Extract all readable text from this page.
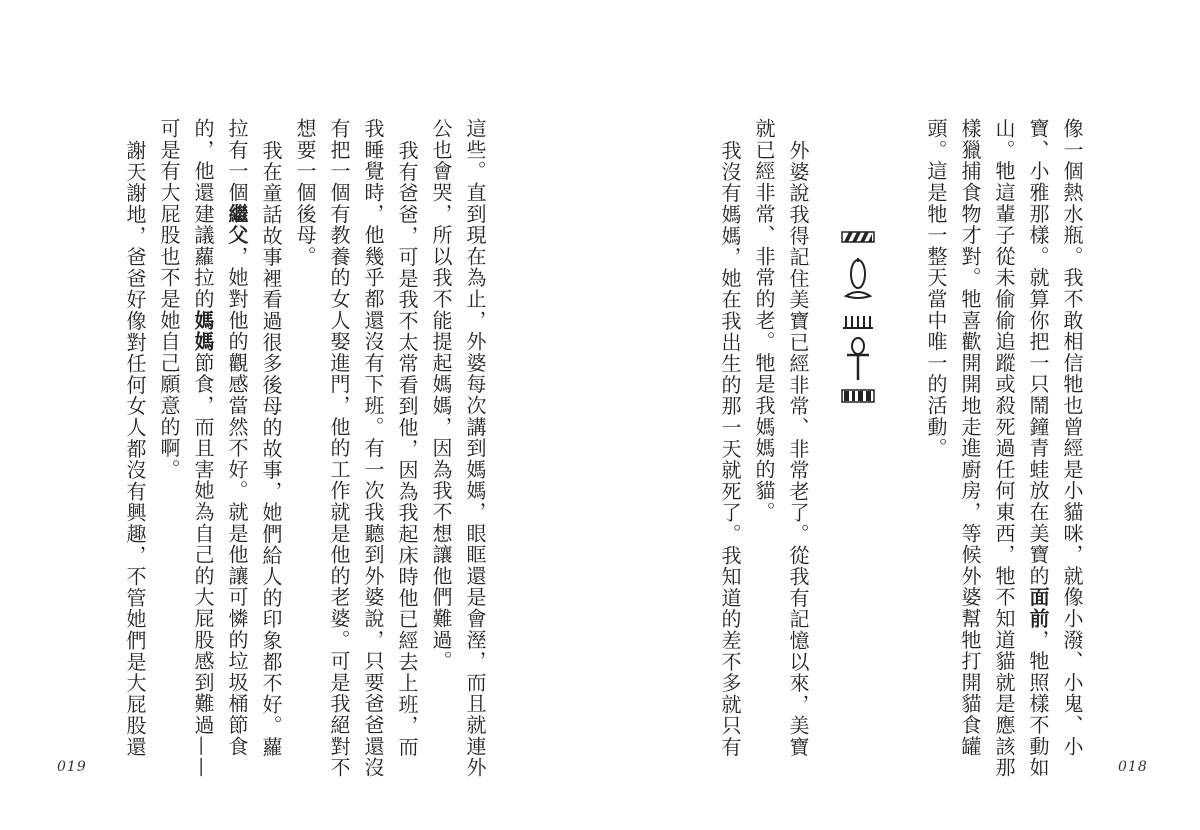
像一個熱水瓶。我不敢相信牠也曾經是小貓咪，就像小潑、小鬼、小
寶、小雅那樣。就算你把一只鬧鐘青蛙放在美寶的面前，牠照樣不動如
山。牠這輩子從未偷偷追蹤或殺死過任何東西，牠不知道貓就是應該那
樣獵捕食物才對。牠喜歡開開地走進廚房，等候外婆幫牠打開貓食罐
頭。這是牠一整天當中唯一的活動。
外婆說我得記住美寶已經非常、非常老了。從我有記憶以來，美寶
就已經非常、非常的老。牠是我媽媽的貓。
我沒有媽媽，她在我出生的那一天就死了。我知道的差不多就只有
018
這些。直到現在為止，外婆每次講到媽媽，眼眶還是會溼，而且就連外
公也會哭，所以我不能提起媽媽，因為我不想讓他們難過。
我有爸爸，可是我不太常看到他，因為我起床時他已經去上班，而
我睡覺時，他幾乎都還沒有下班。有一次我聽到外婆說，只要爸爸還沒
有把一個有教養的女人娶進門，他的工作就是他的老婆。可是我絕對不
想要一個後母。
我在童話故事裡看過很多後母的故事，她們給人的印象都不好。蘿
拉有一個繼父，她對他的觀感當然不好。就是他讓可憐的垃圾桶節食
的，他還建議蘿拉的媽媽節食，而且害她為自己的大屁股感到難過——
可是有大屁股也不是她自己願意的啊。
謝天謝地，爸爸好像對任何女人都沒有興趣，不管她們是大屁股還
019
